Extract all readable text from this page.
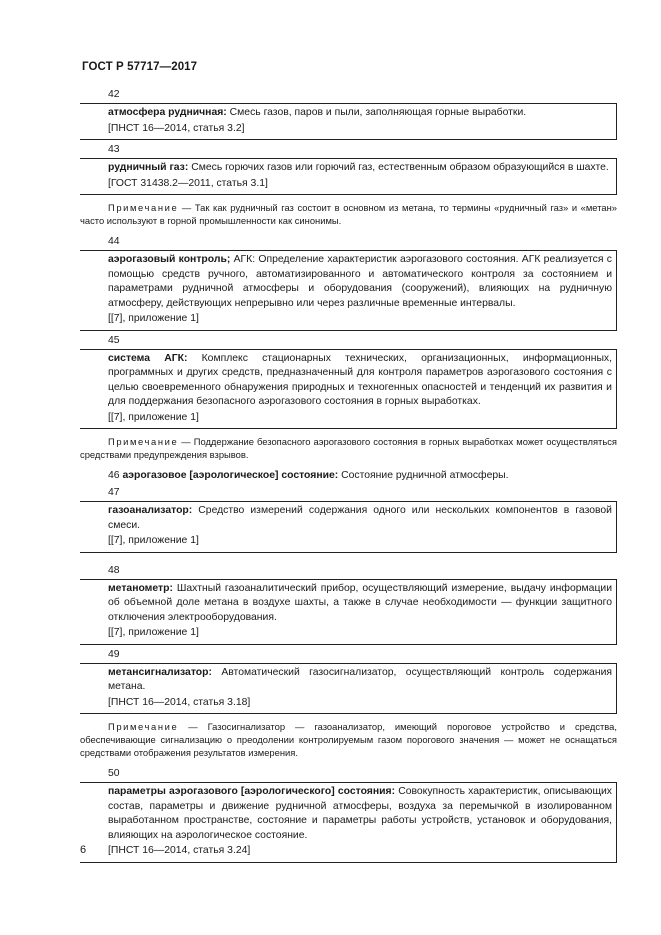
ГОСТ Р 57717—2017
42

атмосфера рудничная: Смесь газов, паров и пыли, заполняющая горные выработки.

[ПНСТ 16—2014, статья 3.2]

43

рудничный газ: Смесь горючих газов или горючий газ, естественным образом образующийся в шахте.

[ГОСТ 31438.2—2011, статья 3.1]

Примечание — Так как рудничный газ состоит в основном из метана, то термины «рудничный газ» и «метан» часто используют в горной промышленности как синонимы.

44

аэрогазовый контроль; АГК: Определение характеристик аэрогазового состояния. АГК реализуется с помощью средств ручного, автоматизированного и автоматического контроля за состоянием и параметрами рудничной атмосферы и оборудования (сооружений), влияющих на рудничную атмосферу, действующих непрерывно или через различные временные интервалы.

[[7], приложение 1]

45

система АГК: Комплекс стационарных технических, организационных, информационных, программных и других средств, предназначенный для контроля параметров аэрогазового состояния с целью своевременного обнаружения природных и техногенных опасностей и тенденций их развития и для поддержания безопасного аэрогазового состояния в горных выработках.

[[7], приложение 1]

Примечание — Поддержание безопасного аэрогазового состояния в горных выработках может осуществляться средствами предупреждения взрывов.

46 аэрогазовое [аэрологическое] состояние: Состояние рудничной атмосферы.
47

газоанализатор: Средство измерений содержания одного или нескольких компонентов в газовой смеси.

[[7], приложение 1]

48

метанометр: Шахтный газоаналитический прибор, осуществляющий измерение, выдачу информации об объемной доле метана в воздухе шахты, а также в случае необходимости — функции защитного отключения электрооборудования.

[[7], приложение 1]

49

метансигнализатор: Автоматический газосигнализатор, осуществляющий контроль содержания метана.

[ПНСТ 16—2014, статья 3.18]

Примечание — Газосигнализатор — газоанализатор, имеющий пороговое устройство и средства, обеспечивающие сигнализацию о преодолении контролируемым газом порогового значения — может не оснащаться средствами отображения результатов измерения.

50

параметры аэрогазового [аэрологического] состояния: Совокупность характеристик, описывающих состав, параметры и движение рудничной атмосферы, воздуха за перемычкой в изолированном выработанном пространстве, состояние и параметры работы устройств, установок и оборудования, влияющих на аэрологическое состояние.

[ПНСТ 16—2014, статья 3.24]

6
